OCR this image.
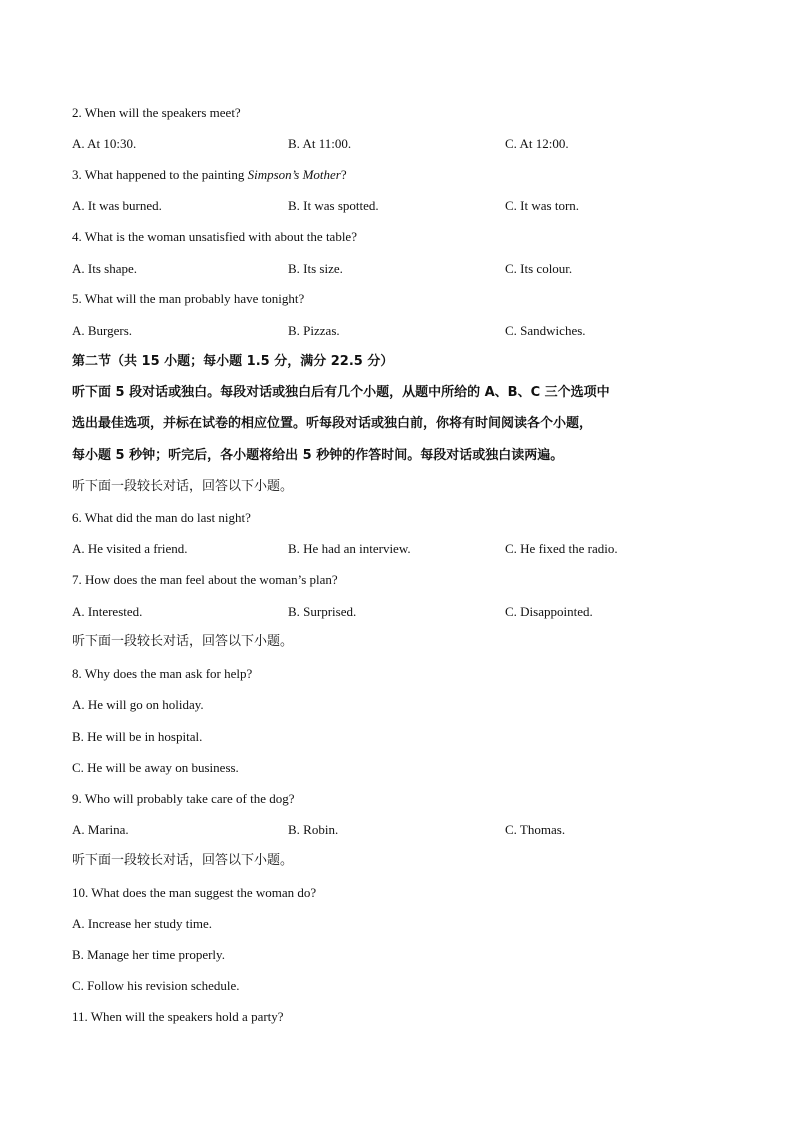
2. When will the speakers meet?
A. At 10:30.	B. At 11:00.	C. At 12:00.
3. What happened to the painting Simpson’s Mother?
A. It was burned.	B. It was spotted.	C. It was torn.
4. What is the woman unsatisfied with about the table?
A. Its shape.	B. Its size.	C. Its colour.
5. What will the man probably have tonight?
A. Burgers.	B. Pizzas.	C. Sandwiches.
第二节（共 15 小题；每小题 1.5 分，满分 22.5 分）
听下面 5 段对话或独白。每段对话或独白后有几个小题，从题中所给的 A、B、C 三个选项中
选出最佳选项，并标在试卷的相应位置。听每段对话或独白前，你将有时间阅读各个小题，
每小题 5 秒钟；听完后，各小题将给出 5 秒钟的作答时间。每段对话或独白读两遍。
听下面一段较长对话，回答以下小题。
6. What did the man do last night?
A. He visited a friend.	B. He had an interview.	C. He fixed the radio.
7. How does the man feel about the woman’s plan?
A. Interested.	B. Surprised.	C. Disappointed.
听下面一段较长对话，回答以下小题。
8. Why does the man ask for help?
A. He will go on holiday.
B. He will be in hospital.
C. He will be away on business.
9. Who will probably take care of the dog?
A. Marina.	B. Robin.	C. Thomas.
听下面一段较长对话，回答以下小题。
10. What does the man suggest the woman do?
A. Increase her study time.
B. Manage her time properly.
C. Follow his revision schedule.
11. When will the speakers hold a party?
